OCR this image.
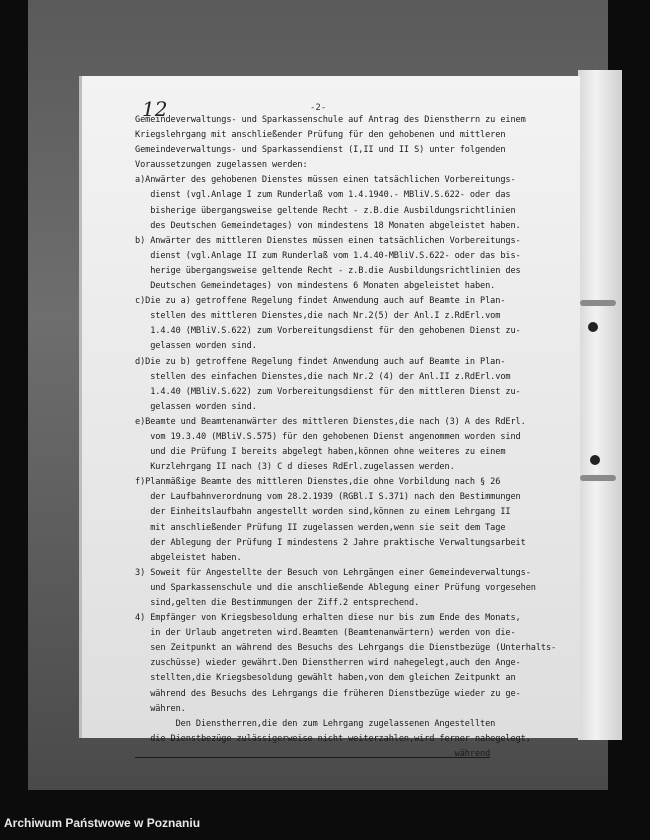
12	-2-
Gemeindeverwaltungs- und Sparkassenschule auf Antrag des Dienstherrn zu einem
Kriegslehrgang mit anschließender Prüfung für den gehobenen und mittleren
Gemeindeverwaltungs- und Sparkassendienst (I,II und II S) unter folgenden
Voraussetzungen zugelassen werden:
a)Anwärter des gehobenen Dienstes müssen einen tatsächlichen Vorbereitungs-
dienst (vgl.Anlage I zum Runderlaß vom 1.4.1940.- MBliV.S.622- oder das
bisherige übergangsweise geltende Recht - z.B.die Ausbildungsrichtlinien
des Deutschen Gemeindetages) von mindestens 18 Monaten abgeleistet haben.
b) Anwärter des mittleren Dienstes müssen einen tatsächlichen Vorbereitungs-
dienst (vgl.Anlage II zum Runderlaß vom 1.4.40-MBliV.S.622- oder das bis-
herige übergangsweise geltende Recht - z.B.die Ausbildungsrichtlinien des
Deutschen Gemeindetages) von mindestens 6 Monaten abgeleistet haben.
c)Die zu a) getroffene Regelung findet Anwendung auch auf Beamte in Plan-
stellen des mittleren Dienstes,die nach Nr.2(5) der Anl.I z.RdErl.vom
1.4.40 (MBliV.S.622) zum Vorbereitungsdienst für den gehobenen Dienst zu-
gelassen worden sind.
d)Die zu b) getroffene Regelung findet Anwendung auch auf Beamte in Plan-
stellen des einfachen Dienstes,die nach Nr.2 (4) der Anl.II z.RdErl.vom
1.4.40 (MBliV.S.622) zum Vorbereitungsdienst für den mittleren Dienst zu-
gelassen worden sind.
e)Beamte und Beamtenanwärter des mittleren Dienstes,die nach (3) A des RdErl.
vom 19.3.40 (MBliV.S.575) für den gehobenen Dienst angenommen worden sind
und die Prüfung I bereits abgelegt haben,können ohne weiteres zu einem
Kurzlehrgang II nach (3) C d dieses RdErl.zugelassen werden.
f)Planmäßige Beamte des mittleren Dienstes,die ohne Vorbildung nach § 26
der Laufbahnverordnung vom 28.2.1939 (RGBl.I S.371) nach den Bestimmungen
der Einheitslaufbahn angestellt worden sind,können zu einem Lehrgang II
mit anschließender Prüfung II zugelassen werden,wenn sie seit dem Tage
der Ablegung der Prüfung I mindestens 2 Jahre praktische Verwaltungsarbeit
abgeleistet haben.
3) Soweit für Angestellte der Besuch von Lehrgängen einer Gemeindeverwaltungs-
und Sparkassenschule und die anschließende Ablegung einer Prüfung vorgesehen
sind,gelten die Bestimmungen der Ziff.2 entsprechend.
4) Empfänger von Kriegsbesoldung erhalten diese nur bis zum Ende des Monats,
in der Urlaub angetreten wird.Beamten (Beamtenanwärtern) werden von die-
sen Zeitpunkt an während des Besuchs des Lehrgangs die Dienstbezüge (Unterhalts-
zuschüsse) wieder gewährt.Den Dienstherren wird nahegelegt,auch den Ange-
stellten,die Kriegsbesoldung gewählt haben,von dem gleichen Zeitpunkt an
während des Besuchs des Lehrgangs die früheren Dienstbezüge wieder zu ge-
währen.
Den Dienstherren,die den zum Lehrgang zugelassenen Angestellten
die Dienstbezüge zulässigerweise nicht weiterzahlen,wird ferner nahegelegt,
während
Archiwum Państwowe w Poznaniu
